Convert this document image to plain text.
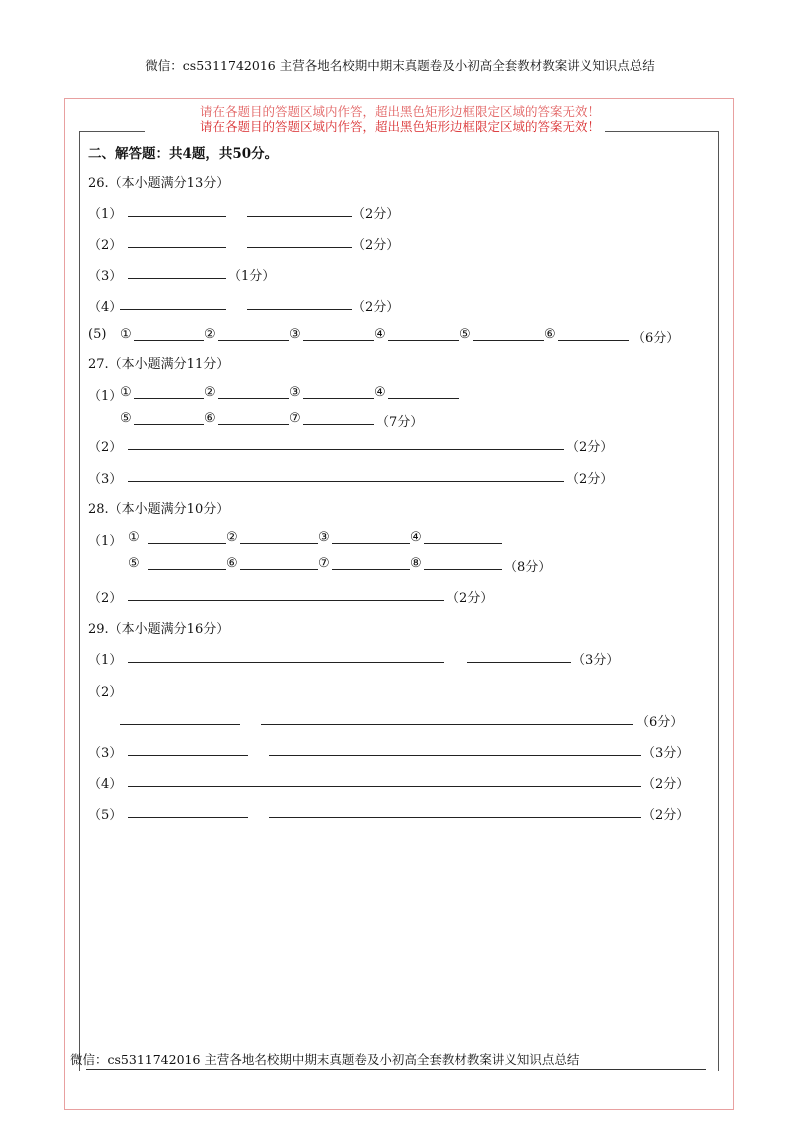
微信：cs5311742016 主营各地名校期中期末真题卷及小初高全套教材教案讲义知识点总结
请在各题目的答题区域内作答，超出黑色矩形边框限定区域的答案无效！
请在各题目的答题区域内作答，超出黑色矩形边框限定区域的答案无效！
二、解答题：共4题，共50分。
26.（本小题满分13分）
（1）	（2分）
（2）	（2分）
（3）	（1分）
（4）	（2分）
(5) ①	②	③	④	⑤	⑥	（6分）
27.（本小题满分11分）
（1）
①	②	③	④
⑤	⑥	⑦	（7分）
（2）	（2分）
（3）	（2分）
28.（本小题满分10分）
（1） ①	②	③	④
⑤	⑥	⑦	⑧	（8分）
（2）	（2分）
29.（本小题满分16分）
（1）	（3分）
（2）
（6分）
（3）	（3分）
（4）	（2分）
（5）	（2分）
微信：cs5311742016 主营各地名校期中期末真题卷及小初高全套教材教案讲义知识点总结
